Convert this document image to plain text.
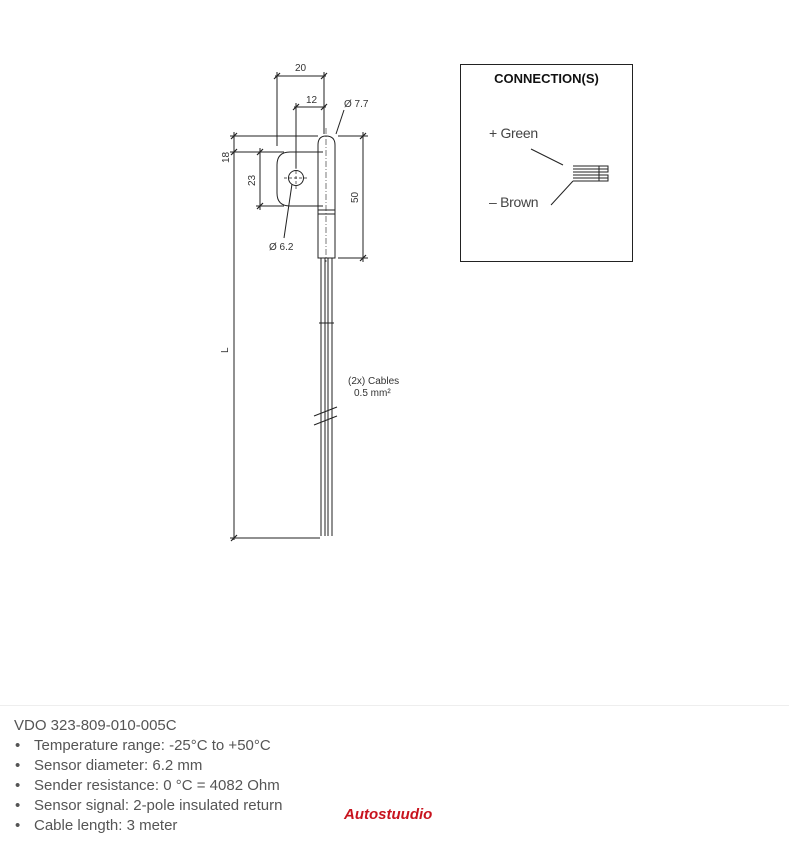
20
12	Ø 7.7
18
23
50
Ø 6.2
L
(2x) Cables
0.5 mm²
CONNECTION(S)
+ Green
– Brown
VDO 323-809-010-005C
• Temperature range: -25°C to +50°C
• Sensor diameter: 6.2 mm
• Sender resistance: 0 °C = 4082 Ohm
• Sensor signal: 2-pole insulated return
• Cable length: 3 meter
Autostuudio
